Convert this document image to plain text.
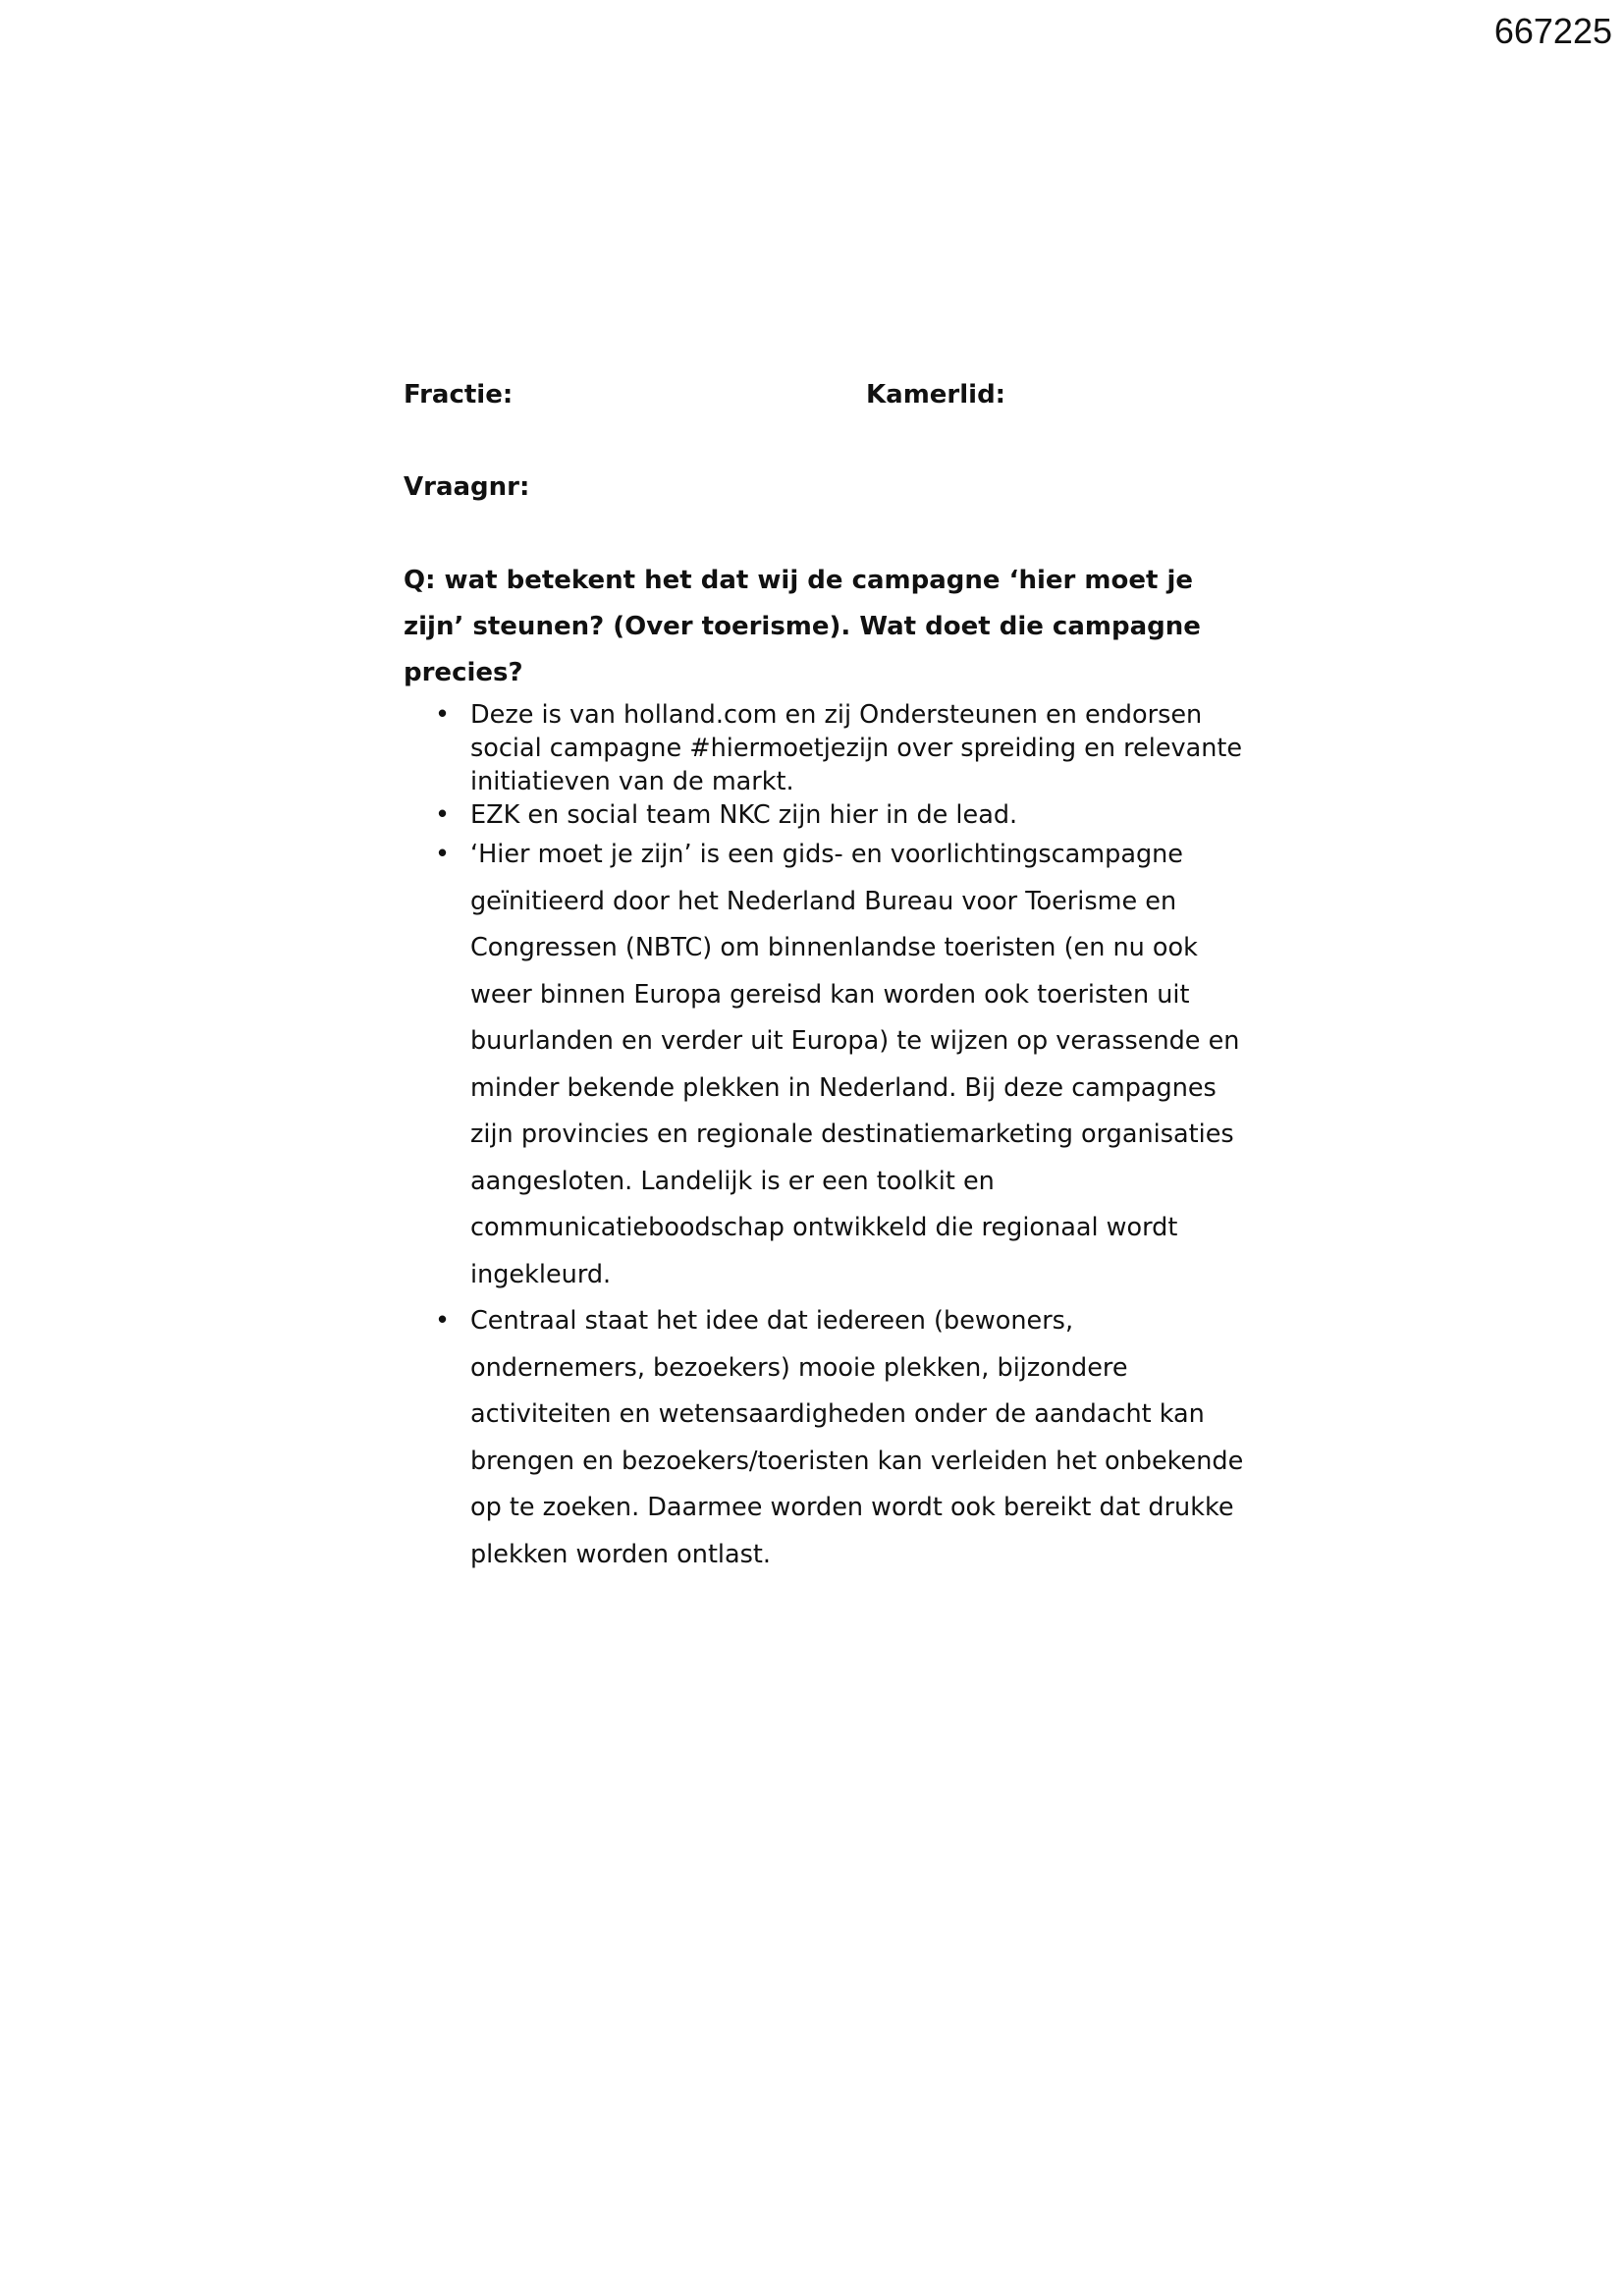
667225
Fractie:	Kamerlid:
Vraagnr:
Q: wat betekent het dat wij de campagne ‘hier moet je zijn’ steunen? (Over toerisme). Wat doet die campagne precies?
• Deze is van holland.com en zij Ondersteunen en endorsen social campagne #hiermoetjezijn over spreiding en relevante initiatieven van de markt.
• EZK en social team NKC zijn hier in de lead.
• ‘Hier moet je zijn’ is een gids- en voorlichtingscampagne geïnitieerd door het Nederland Bureau voor Toerisme en Congressen (NBTC) om binnenlandse toeristen (en nu ook weer binnen Europa gereisd kan worden ook toeristen uit buurlanden en verder uit Europa) te wijzen op verassende en minder bekende plekken in Nederland. Bij deze campagnes zijn provincies en regionale destinatiemarketing organisaties aangesloten. Landelijk is er een toolkit en communicatieboodschap ontwikkeld die regionaal wordt ingekleurd.
• Centraal staat het idee dat iedereen (bewoners, ondernemers, bezoekers) mooie plekken, bijzondere activiteiten en wetensaardigheden onder de aandacht kan brengen en bezoekers/toeristen kan verleiden het onbekende op te zoeken. Daarmee worden wordt ook bereikt dat drukke plekken worden ontlast.
